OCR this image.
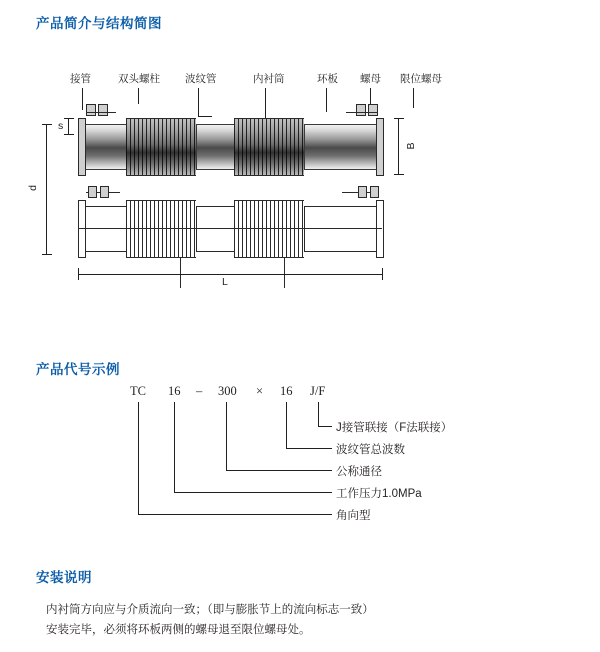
产品简介与结构简图
接管	双头螺柱 波纹管	内衬筒	环板 螺母 限位螺母
s
d
B
L
产品代号示例
TC 16 – 300 × 16 J/F
J接管联接（F法联接）
波纹管总波数
公称通径
工作压力1.0MPa
角向型
安装说明
内衬筒方向应与介质流向一致；（即与膨胀节上的流向标志一致）
安装完毕，必须将环板两侧的螺母退至限位螺母处。
